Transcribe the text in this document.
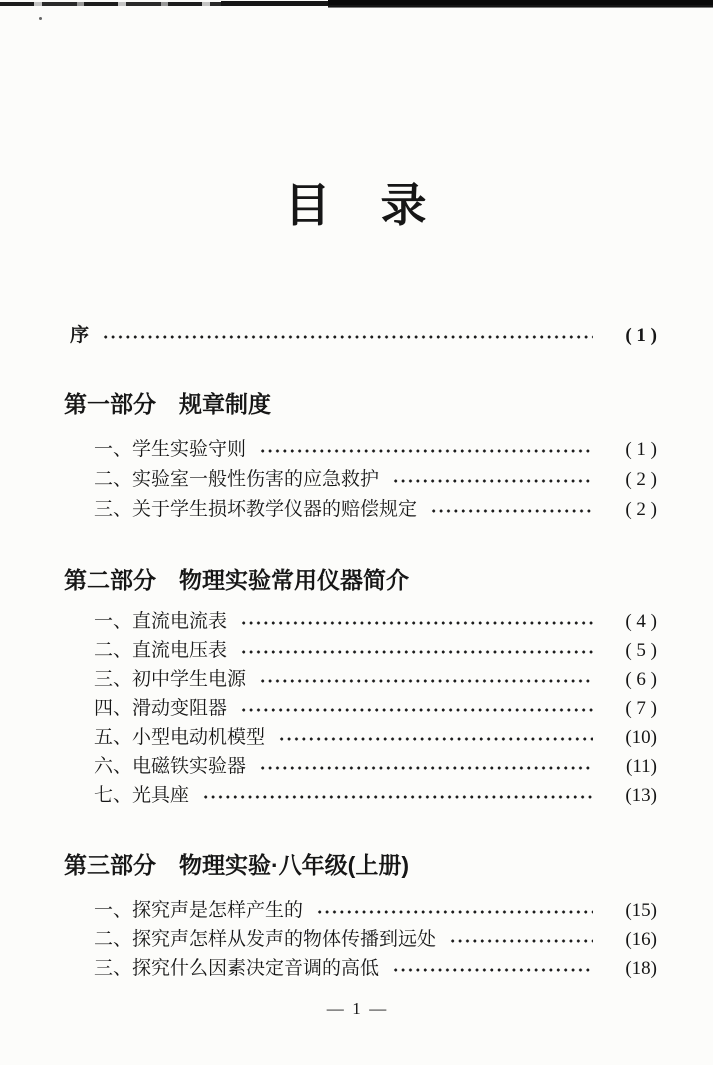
目　录
序	( 1 )
第一部分　规章制度
一、学生实验守则	( 1 )
二、实验室一般性伤害的应急救护	( 2 )
三、关于学生损坏教学仪器的赔偿规定	( 2 )
第二部分　物理实验常用仪器简介
一、直流电流表	( 4 )
二、直流电压表	( 5 )
三、初中学生电源	( 6 )
四、滑动变阻器	( 7 )
五、小型电动机模型	(10)
六、电磁铁实验器	(11)
七、光具座	(13)
第三部分　物理实验·八年级(上册)
一、探究声是怎样产生的	(15)
二、探究声怎样从发声的物体传播到远处	(16)
三、探究什么因素决定音调的高低	(18)
—  1  —
